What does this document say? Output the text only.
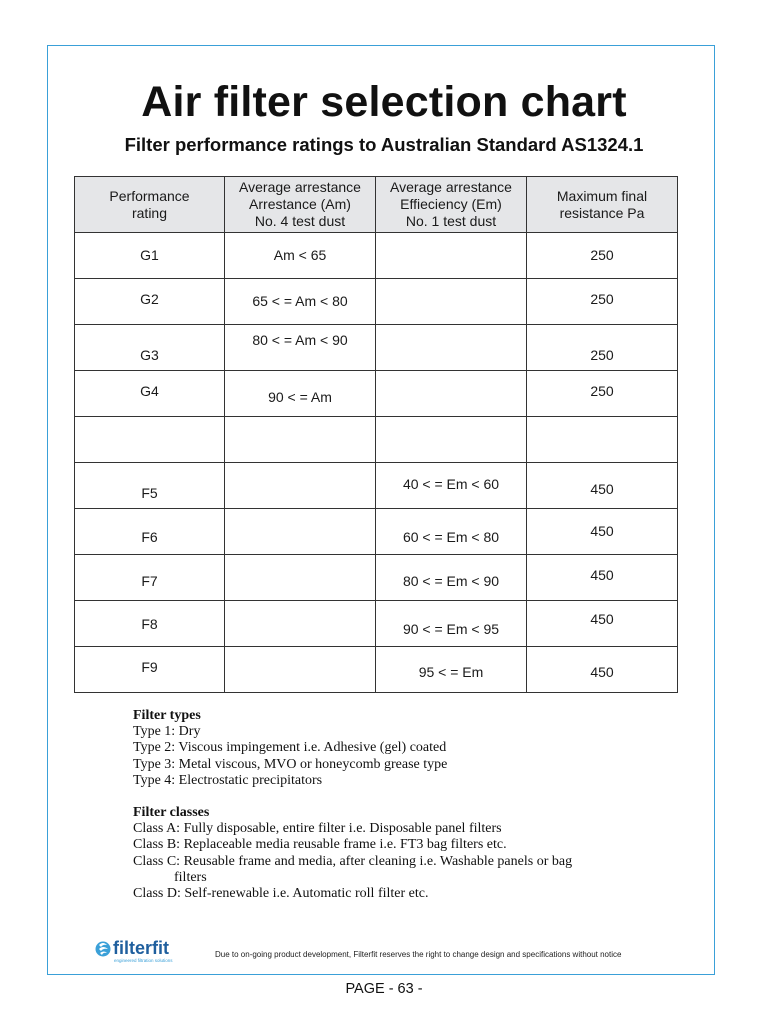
Air filter selection chart
Filter performance ratings to Australian Standard AS1324.1
Performance
rating	Average arrestance
Arrestance (Am)
No. 4 test dust	Average arrestance
Effieciency (Em)
No. 1 test dust	Maximum final
resistance Pa

G1	Am < 65		250

G2	65 < = Am < 80		250

G3	80 < = Am < 90		250

G4	90 < = Am		250

F5		40 < = Em < 60	450

F6		60 < = Em < 80	450

F7		80 < = Em < 90	450

F8		90 < = Em < 95	450

F9		95 < = Em	450
Filter types
Type 1: Dry
Type 2: Viscous impingement i.e. Adhesive (gel) coated
Type 3: Metal viscous, MVO or honeycomb grease type
Type 4: Electrostatic precipitators
Filter classes
Class A: Fully disposable, entire filter i.e. Disposable panel filters
Class B: Replaceable media reusable frame i.e. FT3 bag filters etc.
Class C: Reusable frame and media, after cleaning i.e. Washable panels or bag
filters
Class D: Self-renewable i.e. Automatic roll filter etc.
filterfit
engineered filtration solutions
Due to on-going product development, Filterfit reserves the right to change design and specifications without notice
PAGE - 63 -
